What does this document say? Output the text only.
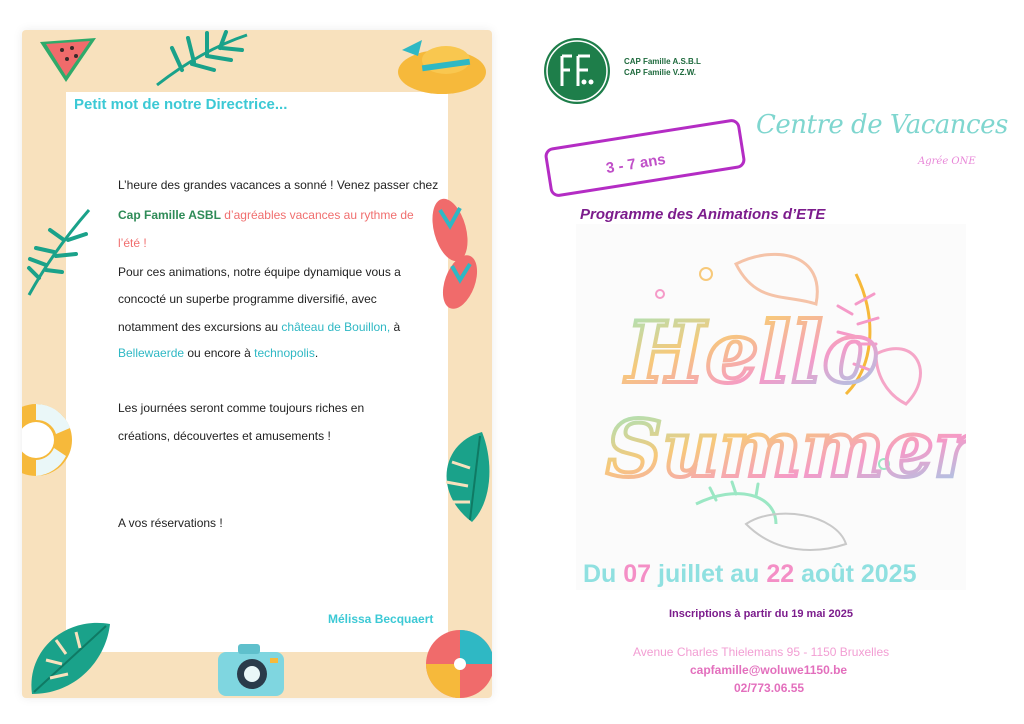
Petit mot de notre Directrice...
L’heure des grandes vacances a sonné ! Venez passer chez
Cap Famille ASBL d’agréables vacances au rythme de
l’été !
Pour ces animations, notre équipe dynamique vous a
concocté un superbe programme diversifié, avec
notamment des excursions au château de Bouillon, à
Bellewaerde ou encore à technopolis.
Les journées seront comme toujours riches en
créations, découvertes et amusements !
A vos réservations !
Mélissa Becquaert
CAP Famille A.S.B.L
CAP Familie V.Z.W.
Centre de Vacances
Agrée ONE
3 - 7 ans
Programme des Animations d’ETE
Hello
Summer
Du 07 juillet au 22 août 2025
Inscriptions à partir du 19 mai 2025
Avenue Charles Thielemans 95 - 1150 Bruxelles
capfamille@woluwe1150.be
02/773.06.55
